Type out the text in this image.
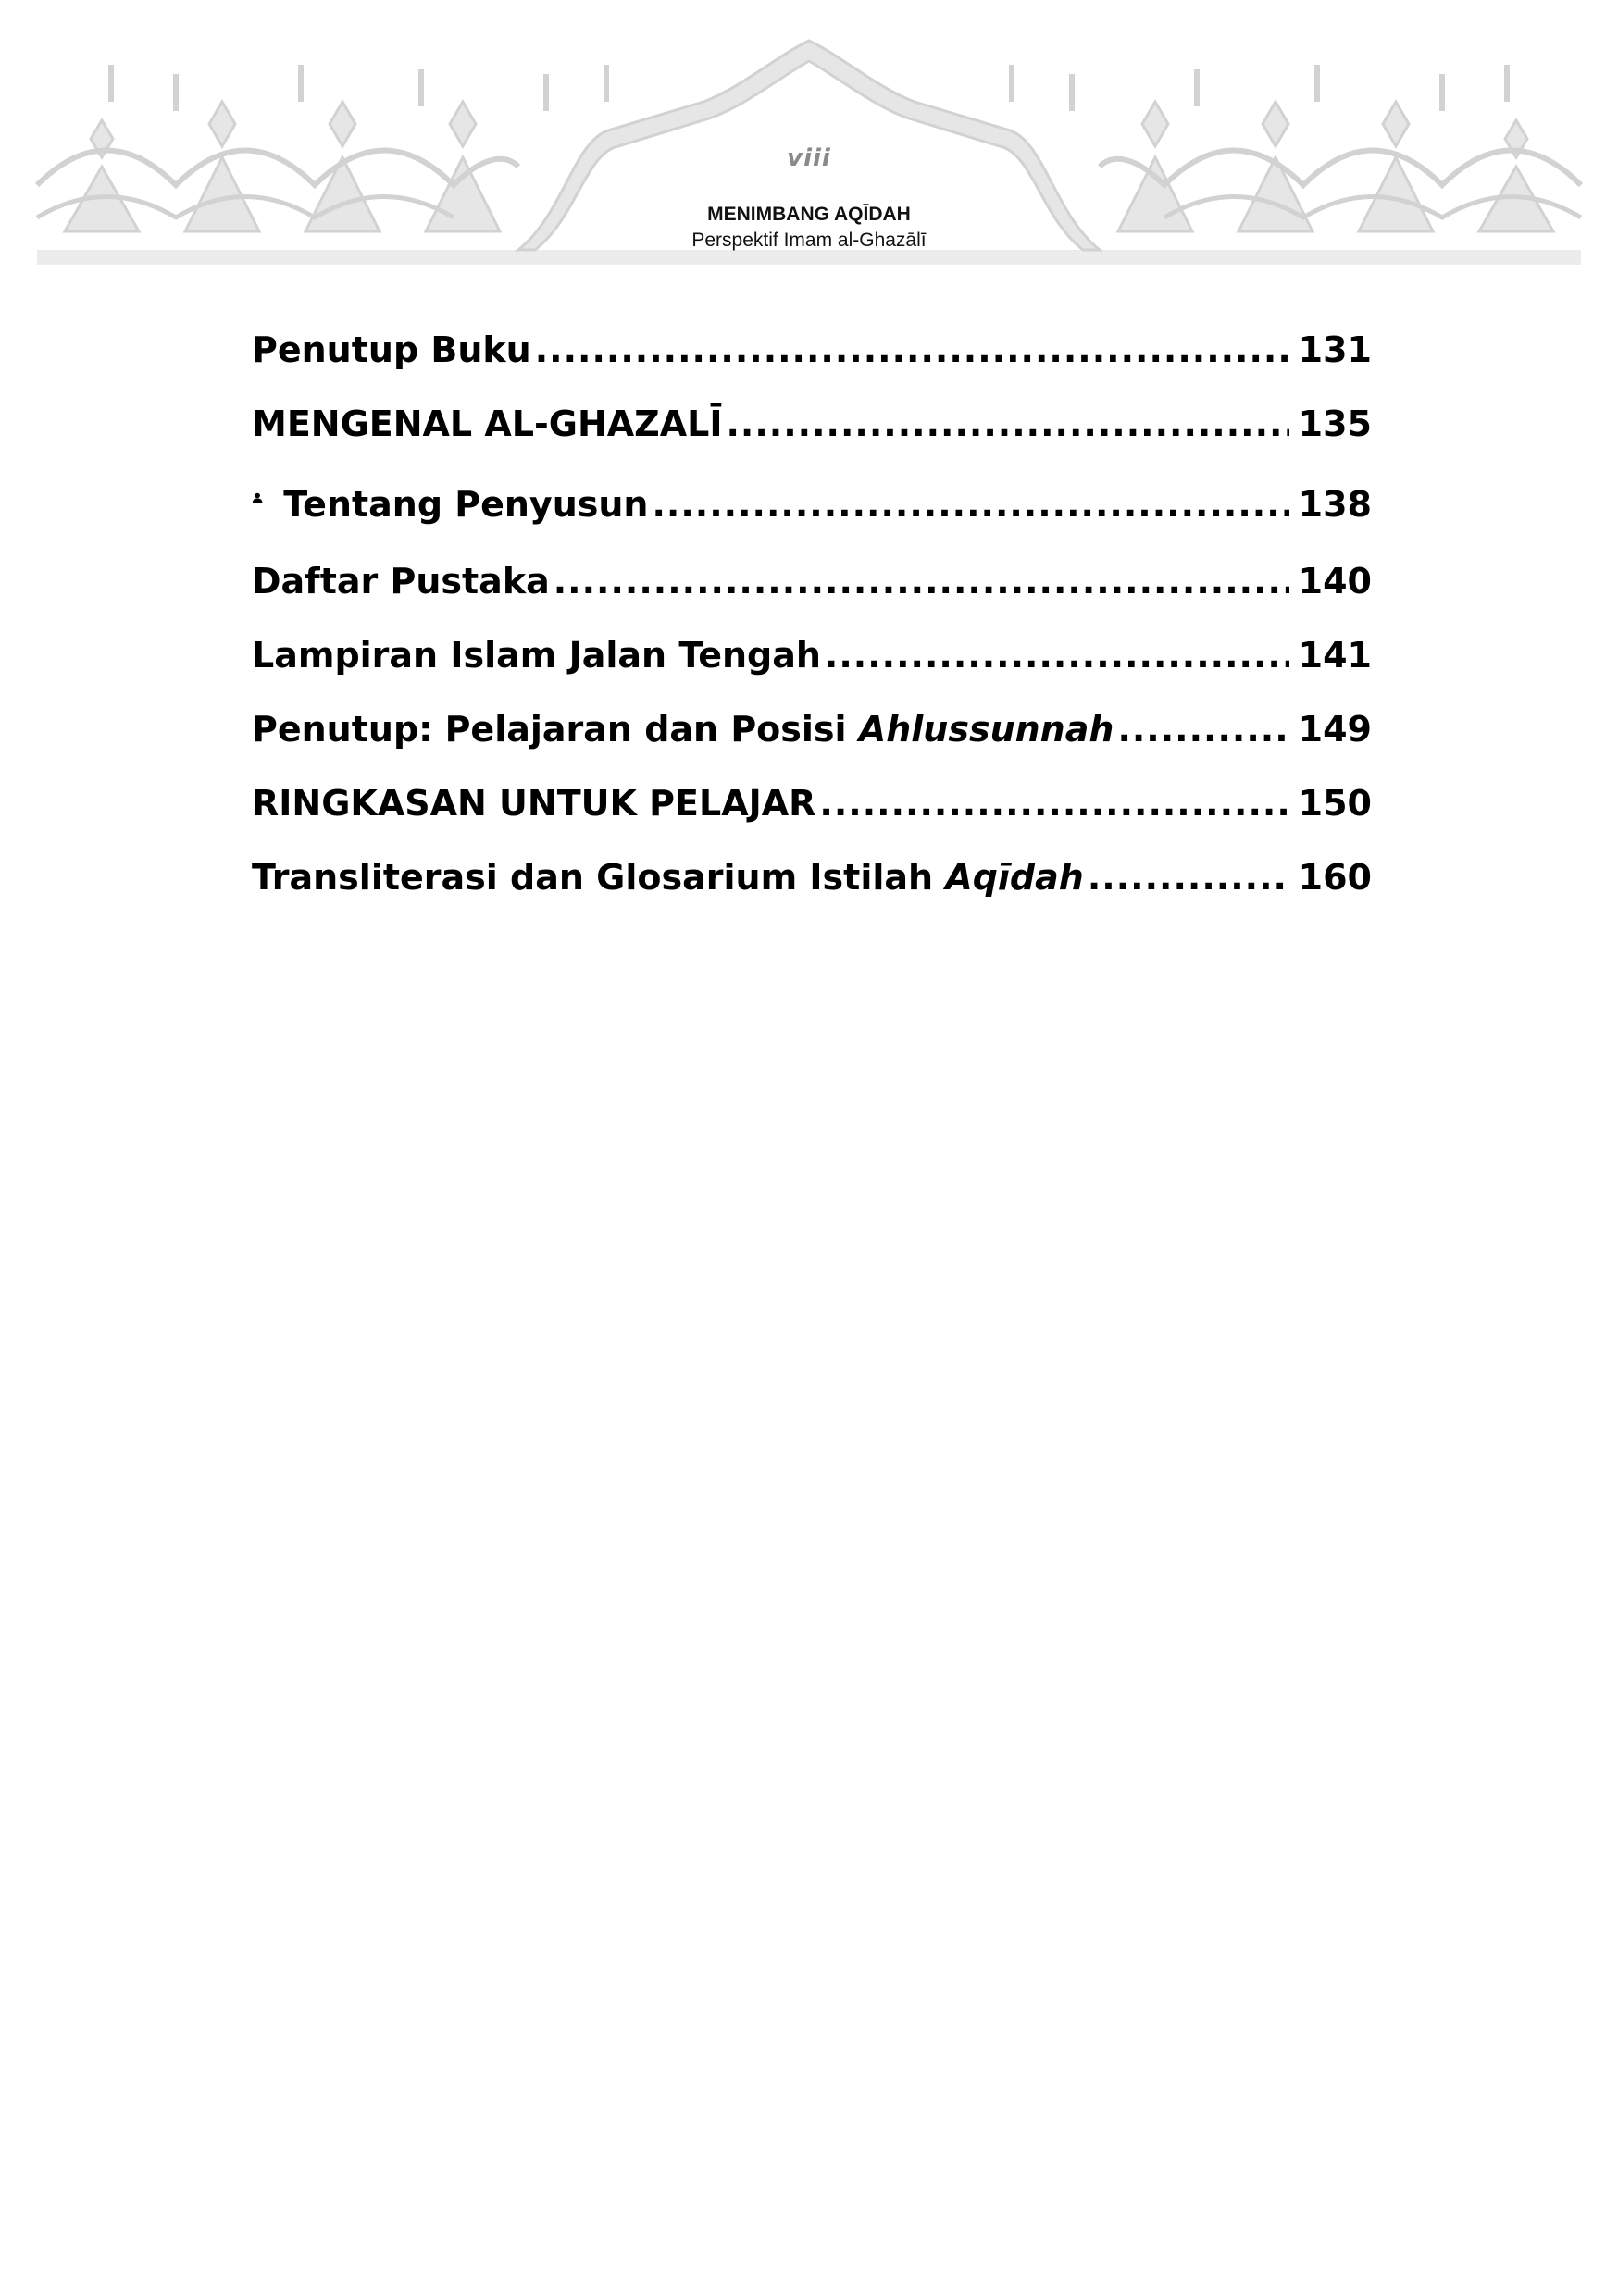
viii
MENIMBANG AQĪDAH
Perspektif Imam al-Ghazālī
Penutup Buku .....	131
MENGENAL AL-GHAZALĪ .....	135
Tentang Penyusun .....	138
Daftar Pustaka .....	140
Lampiran Islam Jalan Tengah .....	141
Penutup: Pelajaran dan Posisi Ahlussunnah .....	149
RINGKASAN UNTUK PELAJAR .....	150
Transliterasi dan Glosarium Istilah Aqīdah .....	160
